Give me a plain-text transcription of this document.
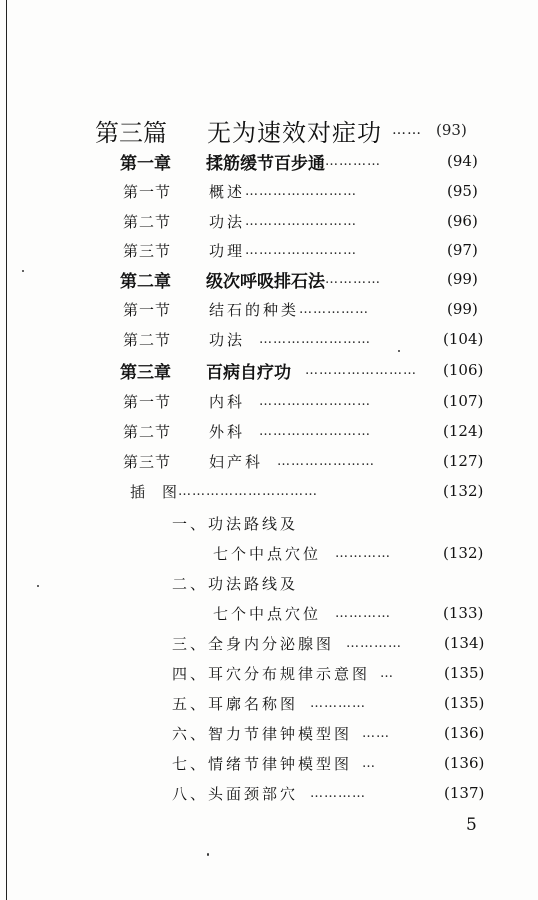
第三篇	无为速效对症功 …… (93)
第一章	揉筋缓节百步通 …………	(94)
第一节	概述 ……………………	(95)
第二节	功法 ……………………	(96)
第三节	功理 ……………………	(97)
第二章	级次呼吸排石法 …………	(99)
第一节	结石的种类 ……………	(99)
第二节	功法 ……………………	(104)
第三章	百病自疗功 …………………… (106)
第一节	内科 ……………………	(107)
第二节	外科 ……………………	(124)
第三节	妇产科 …………………	(127)
插　图 …………………………	(132)
一、功法路线及
七个中点穴位 …………	(132)
二、功法路线及
七个中点穴位 …………	(133)
三、全身内分泌腺图 …………	(134)
四、耳穴分布规律示意图 …	(135)
五、耳廓名称图 …………	(135)
六、智力节律钟模型图 ……	(136)
七、情绪节律钟模型图 …	(136)
八、头面颈部穴 …………	(137)
5
